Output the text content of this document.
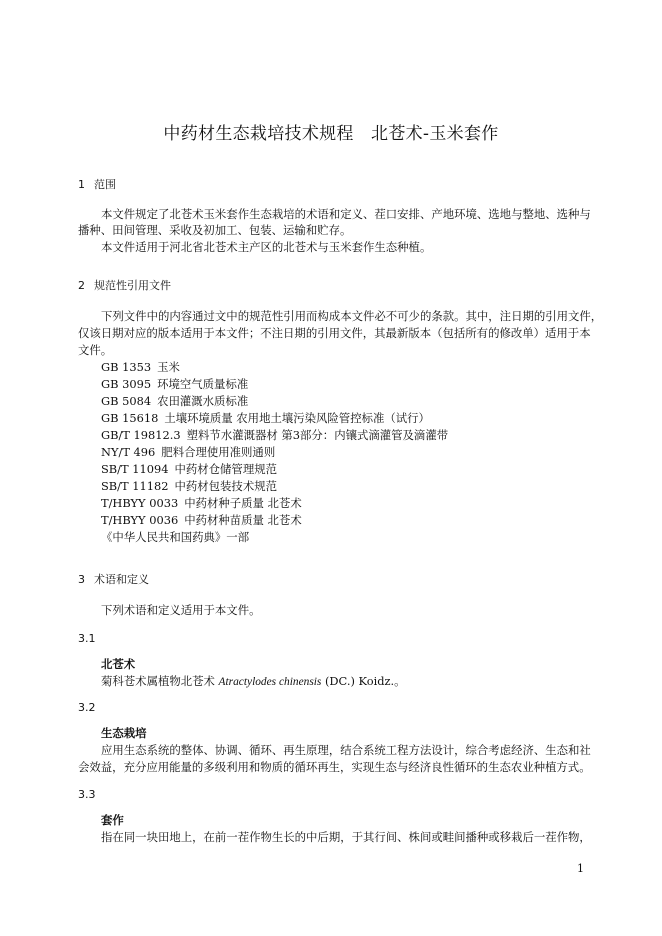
中药材生态栽培技术规程　北苍术-玉米套作
1 范围
本文件规定了北苍术玉米套作生态栽培的术语和定义、茬口安排、产地环境、选地与整地、选种与
播种、田间管理、采收及初加工、包装、运输和贮存。
本文件适用于河北省北苍术主产区的北苍术与玉米套作生态种植。
2 规范性引用文件
下列文件中的内容通过文中的规范性引用而构成本文件必不可少的条款。其中，注日期的引用文件，
仅该日期对应的版本适用于本文件；不注日期的引用文件，其最新版本（包括所有的修改单）适用于本
文件。
GB 1353 玉米
GB 3095 环境空气质量标准
GB 5084 农田灌溉水质标准
GB 15618 土壤环境质量 农用地土壤污染风险管控标准（试行）
GB/T 19812.3 塑料节水灌溉器材 第3部分：内镶式滴灌管及滴灌带
NY/T 496 肥料合理使用准则通则
SB/T 11094 中药材仓储管理规范
SB/T 11182 中药材包装技术规范
T/HBYY 0033 中药材种子质量 北苍术
T/HBYY 0036 中药材种苗质量 北苍术
《中华人民共和国药典》一部
3 术语和定义
下列术语和定义适用于本文件。
3.1
北苍术
菊科苍术属植物北苍术 Atractylodes chinensis (DC.) Koidz.。
3.2
生态栽培
应用生态系统的整体、协调、循环、再生原理，结合系统工程方法设计，综合考虑经济、生态和社
会效益，充分应用能量的多级利用和物质的循环再生，实现生态与经济良性循环的生态农业种植方式。
3.3
套作
指在同一块田地上，在前一茬作物生长的中后期，于其行间、株间或畦间播种或移栽后一茬作物，
1
